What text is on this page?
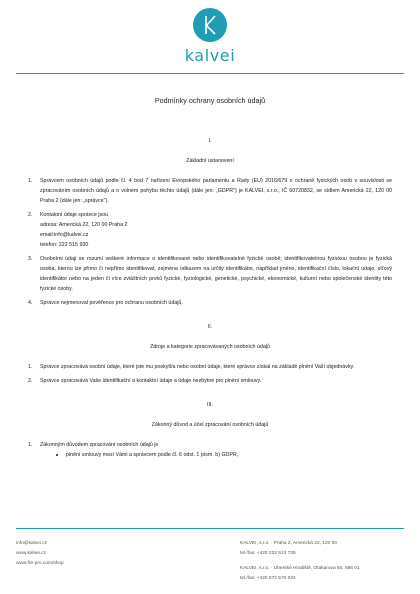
kalvei
Podmínky ochrany osobních údajů
I.
Základní ustanovení
1. Správcem osobních údajů podle čl. 4 bod 7 nařízení Evropského parlamentu a Rady (EU) 2016/679 o ochraně fyzických osob v souvislosti se zpracováním osobních údajů a o volném pohybu těchto údajů (dále jen: „GDPR") je KALVEI, s.r.o., IČ 60720832, se sídlem Americká 22, 120 00 Praha 2 (dále jen: „správce").
2. Kontaktní údaje správce jsou
adresa: Americká 22, 120 00 Praha 2
email:info@kalvei.cz
telefon: 222 515 930
3. Osobními údaji se rozumí veškeré informace o identifikované nebo identifikovatelné fyzické osobě; identifikovatelnou fyzickou osobou je fyzická osoba, kterou lze přímo či nepřímo identifikovat, zejména odkazem na určitý identifikátor, například jméno, identifikační číslo, lokační údaje, síťový identifikátor nebo na jeden či více zvláštních prvků fyzické, fyziologické, genetické, psychické, ekonomické, kulturní nebo společenské identity této fyzické osoby.
4. Správce nejmenoval pověřence pro ochranu osobních údajů.
II.
Zdroje a kategorie zpracovávaných osobních údajů
1. Správce zpracovává osobní údaje, které jste mu poskytl/a nebo osobní údaje, které správce získal na základě plnění Vaší objednávky.
2. Správce zpracovává Vaše identifikační a kontaktní údaje a údaje nezbytné pro plnění smlouvy.
III.
Zákonný důvod a účel zpracování osobních údajů
1. Zákonným důvodem zpracování osobních údajů je
plnění smlouvy mezi Vámi a správcem podle čl. 6 odst. 1 písm. b) GDPR,
info@kalvei.cz
www.kalvei.cz
www.fre-pro.com/shop
KALVEI, s.r.o. · Praha 2, Americká 22, 120 00
tel./fax: +420 222 513 735
KALVEI, s.r.o. · Uherské Hradiště, Otakarova 84, 686 01
tel./fax: +420 572 570 034
